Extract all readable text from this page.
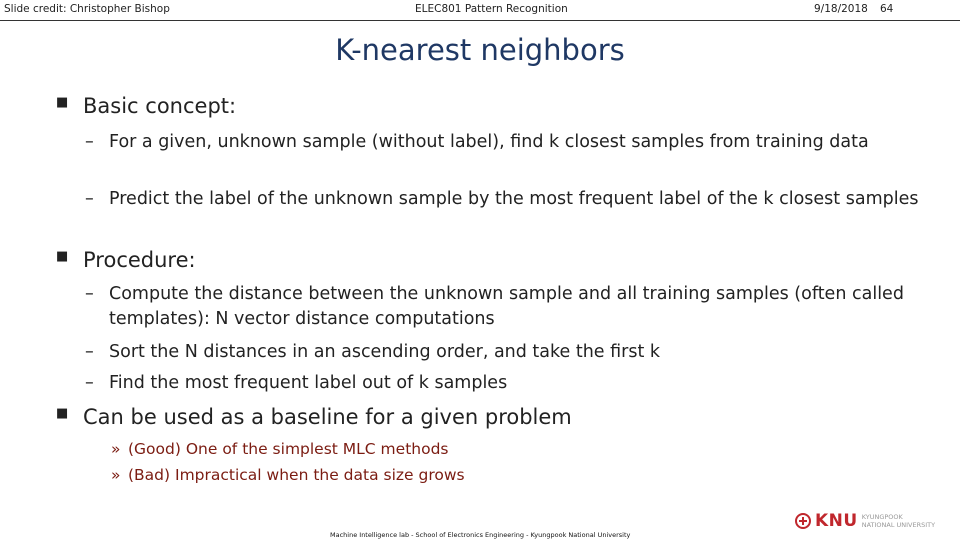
Slide credit: Christopher Bishop	ELEC801 Pattern Recognition	9/18/2018 64
K-nearest neighbors
■ Basic concept:
– For a given, unknown sample (without label), find k closest samples from training data
– Predict the label of the unknown sample by the most frequent label of the k closest samples
■ Procedure:
– Compute the distance between the unknown sample and all training samples (often called templates): N vector distance computations
– Sort the N distances in an ascending order, and take the first k
– Find the most frequent label out of k samples
■ Can be used as a baseline for a given problem
» (Good) One of the simplest MLC methods
» (Bad) Impractical when the data size grows
Machine Intelligence lab - School of Electronics Engineering - Kyungpook National University
KNU KYUNGPOOK
NATIONAL UNIVERSITY
